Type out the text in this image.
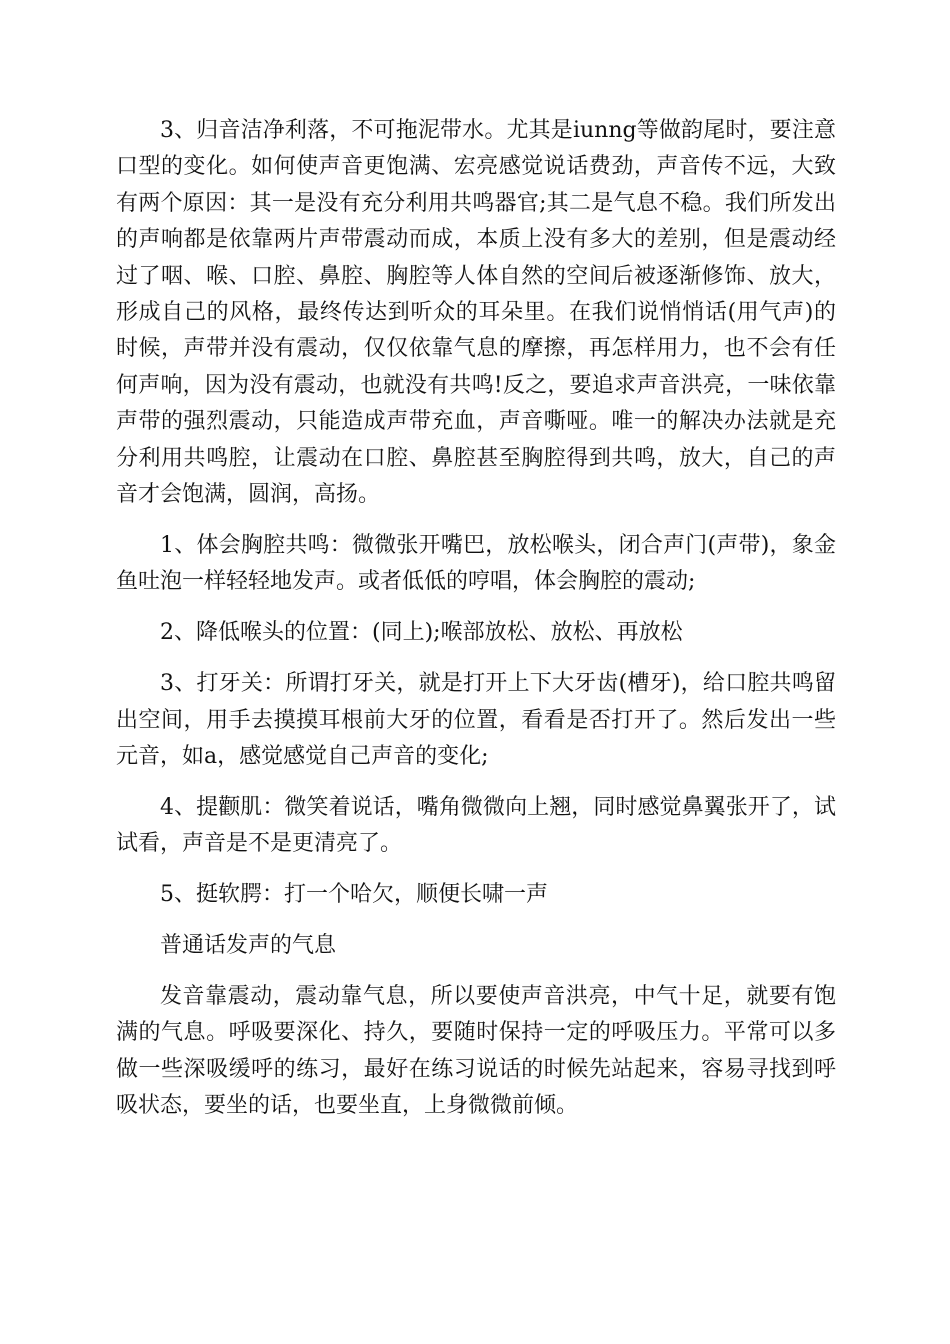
3、归音洁净利落，不可拖泥带水。尤其是iunng等做韵尾时，要注意口型的变化。如何使声音更饱满、宏亮感觉说话费劲，声音传不远，大致有两个原因：其一是没有充分利用共鸣器官;其二是气息不稳。我们所发出的声响都是依靠两片声带震动而成，本质上没有多大的差别，但是震动经过了咽、喉、口腔、鼻腔、胸腔等人体自然的空间后被逐渐修饰、放大，形成自己的风格，最终传达到听众的耳朵里。在我们说悄悄话(用气声)的时候，声带并没有震动，仅仅依靠气息的摩擦，再怎样用力，也不会有任何声响，因为没有震动，也就没有共鸣!反之，要追求声音洪亮，一味依靠声带的强烈震动，只能造成声带充血，声音嘶哑。唯一的解决办法就是充分利用共鸣腔，让震动在口腔、鼻腔甚至胸腔得到共鸣，放大，自己的声音才会饱满，圆润，高扬。

1、体会胸腔共鸣：微微张开嘴巴，放松喉头，闭合声门(声带)，象金鱼吐泡一样轻轻地发声。或者低低的哼唱，体会胸腔的震动;

2、降低喉头的位置：(同上);喉部放松、放松、再放松

3、打牙关：所谓打牙关，就是打开上下大牙齿(槽牙)，给口腔共鸣留出空间，用手去摸摸耳根前大牙的位置，看看是否打开了。然后发出一些元音，如a，感觉感觉自己声音的变化;

4、提颧肌：微笑着说话，嘴角微微向上翘，同时感觉鼻翼张开了，试试看，声音是不是更清亮了。

5、挺软腭：打一个哈欠，顺便长啸一声

普通话发声的气息

发音靠震动，震动靠气息，所以要使声音洪亮，中气十足，就要有饱满的气息。呼吸要深化、持久，要随时保持一定的呼吸压力。平常可以多做一些深吸缓呼的练习，最好在练习说话的时候先站起来，容易寻找到呼吸状态，要坐的话，也要坐直，上身微微前倾。
